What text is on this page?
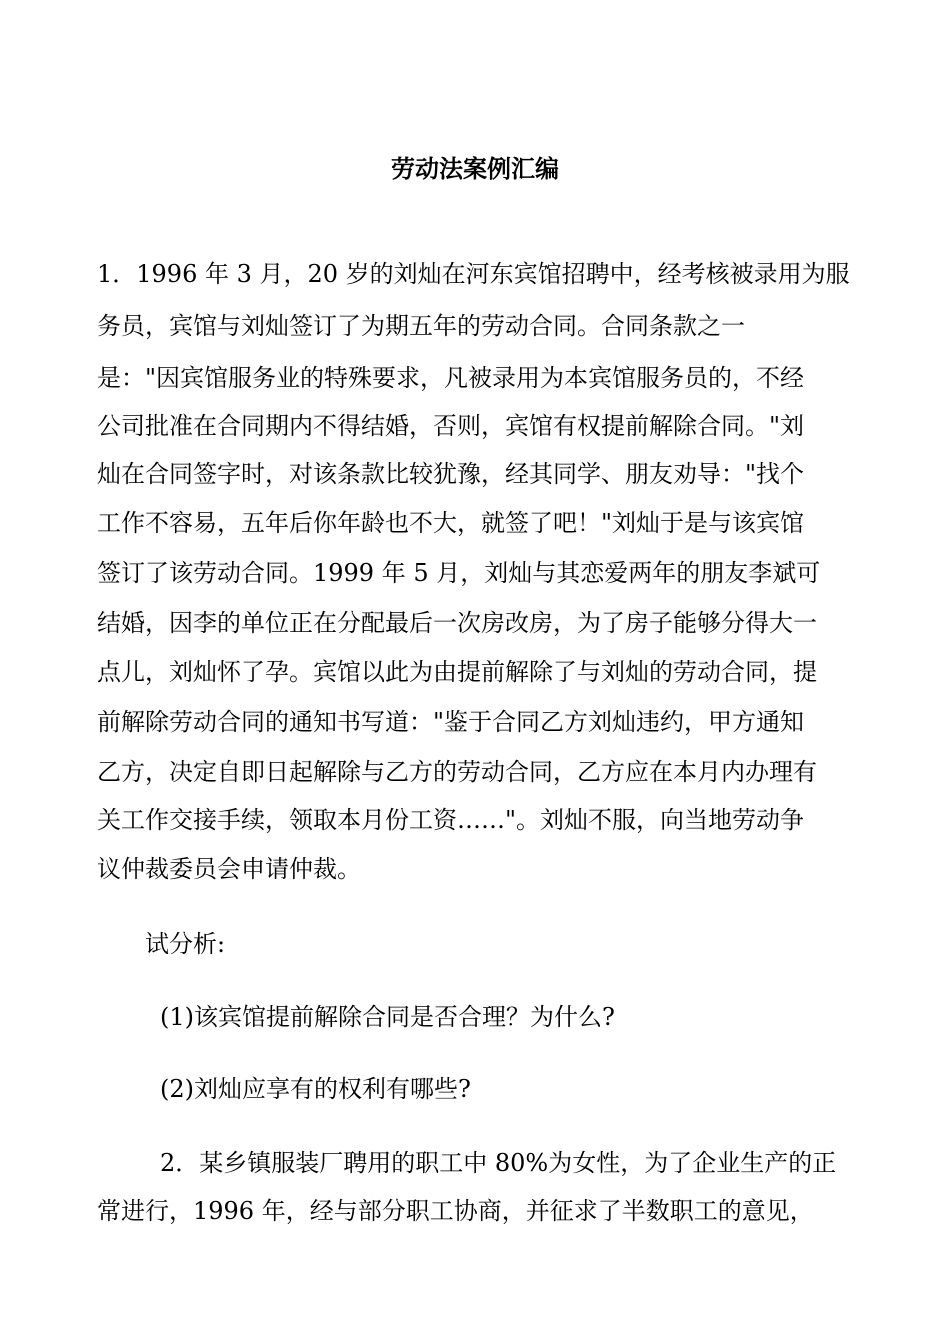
劳动法案例汇编
1．1996 年 3 月，20 岁的刘灿在河东宾馆招聘中，经考核被录用为服
务员，宾馆与刘灿签订了为期五年的劳动合同。合同条款之一
是："因宾馆服务业的特殊要求，凡被录用为本宾馆服务员的，不经
公司批准在合同期内不得结婚，否则，宾馆有权提前解除合同。"刘
灿在合同签字时，对该条款比较犹豫，经其同学、朋友劝导："找个
工作不容易，五年后你年龄也不大，就签了吧！"刘灿于是与该宾馆
签订了该劳动合同。1999 年 5 月，刘灿与其恋爱两年的朋友李斌可
结婚，因李的单位正在分配最后一次房改房，为了房子能够分得大一
点儿，刘灿怀了孕。宾馆以此为由提前解除了与刘灿的劳动合同，提
前解除劳动合同的通知书写道："鉴于合同乙方刘灿违约，甲方通知
乙方，决定自即日起解除与乙方的劳动合同，乙方应在本月内办理有
关工作交接手续，领取本月份工资……"。刘灿不服，向当地劳动争
议仲裁委员会申请仲裁。
试分析:
(1)该宾馆提前解除合同是否合理？为什么?
(2)刘灿应享有的权利有哪些?
2．某乡镇服装厂聘用的职工中 80%为女性，为了企业生产的正
常进行，1996 年，经与部分职工协商，并征求了半数职工的意见，
